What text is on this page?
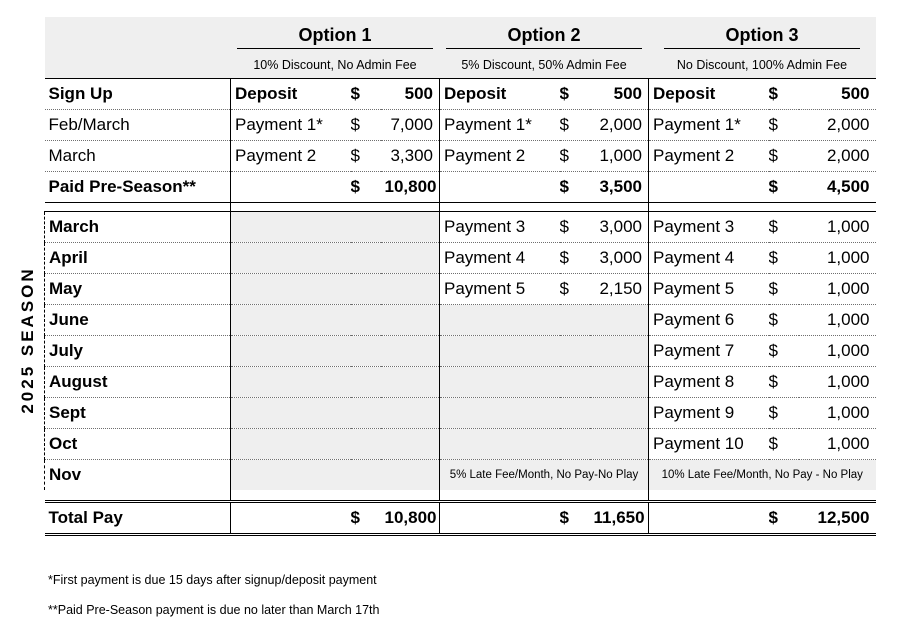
2025 SEASON
	Option 1			Option 2			Option 3		
	10% Discount, No Admin Fee			5% Discount, 50% Admin Fee			No Discount, 100% Admin Fee		
Sign Up	Deposit	$	500	Deposit	$	500	Deposit	$	500
Feb/March	Payment 1*	$	7,000	Payment 1*	$	2,000	Payment 1*	$	2,000
March	Payment 2	$	3,300	Payment 2	$	1,000	Payment 2	$	2,000
Paid Pre-Season**		$	10,800		$	3,500		$	4,500

March				Payment 3	$	3,000	Payment 3	$	1,000
April				Payment 4	$	3,000	Payment 4	$	1,000
May				Payment 5	$	2,150	Payment 5	$	1,000
June							Payment 6	$	1,000
July							Payment 7	$	1,000
August							Payment 8	$	1,000
Sept							Payment 9	$	1,000
Oct							Payment 10	$	1,000
Nov				5% Late Fee/Month, No Pay-No Play			10% Late Fee/Month, No Pay - No Play		

Total Pay		$	10,800		$	11,650		$	12,500
*First payment is due 15 days after signup/deposit payment
**Paid Pre-Season payment is due no later than March 17th
